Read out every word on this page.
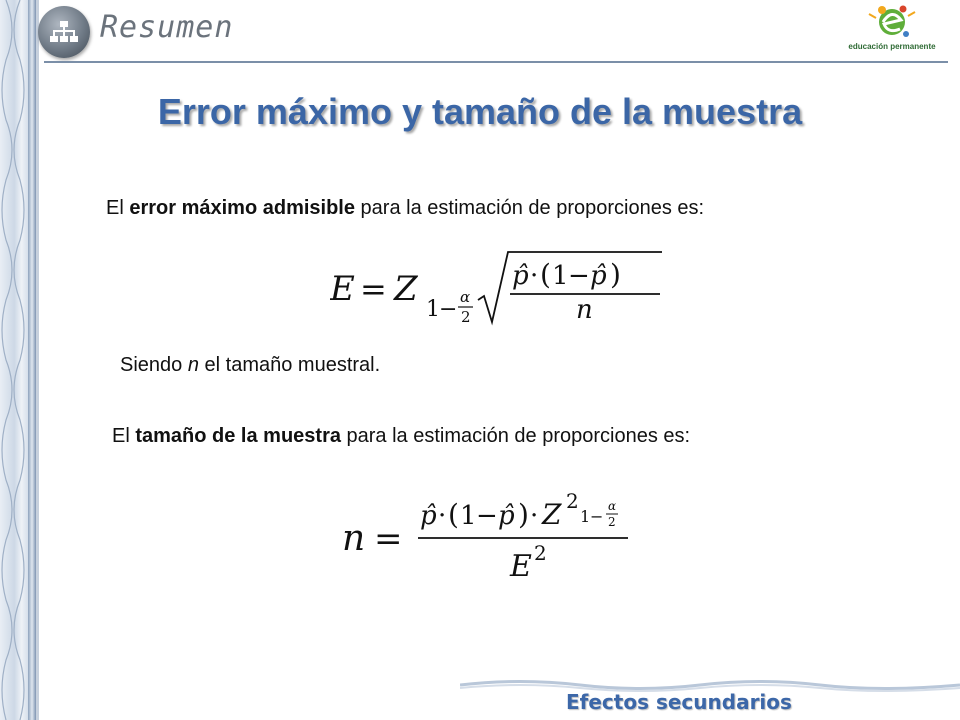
Resumen
educación permanente
Error máximo y tamaño de la muestra
El error máximo admisible para la estimación de proporciones es:
E = Z
1 − α
2
p̂ · ( 1 − p̂ )
n
Siendo n el tamaño muestral.
El tamaño de la muestra para la estimación de proporciones es:
n =
p̂ · ( 1 − p̂ ) · Z 2
1 −
α
2
E 2
Efectos secundarios
